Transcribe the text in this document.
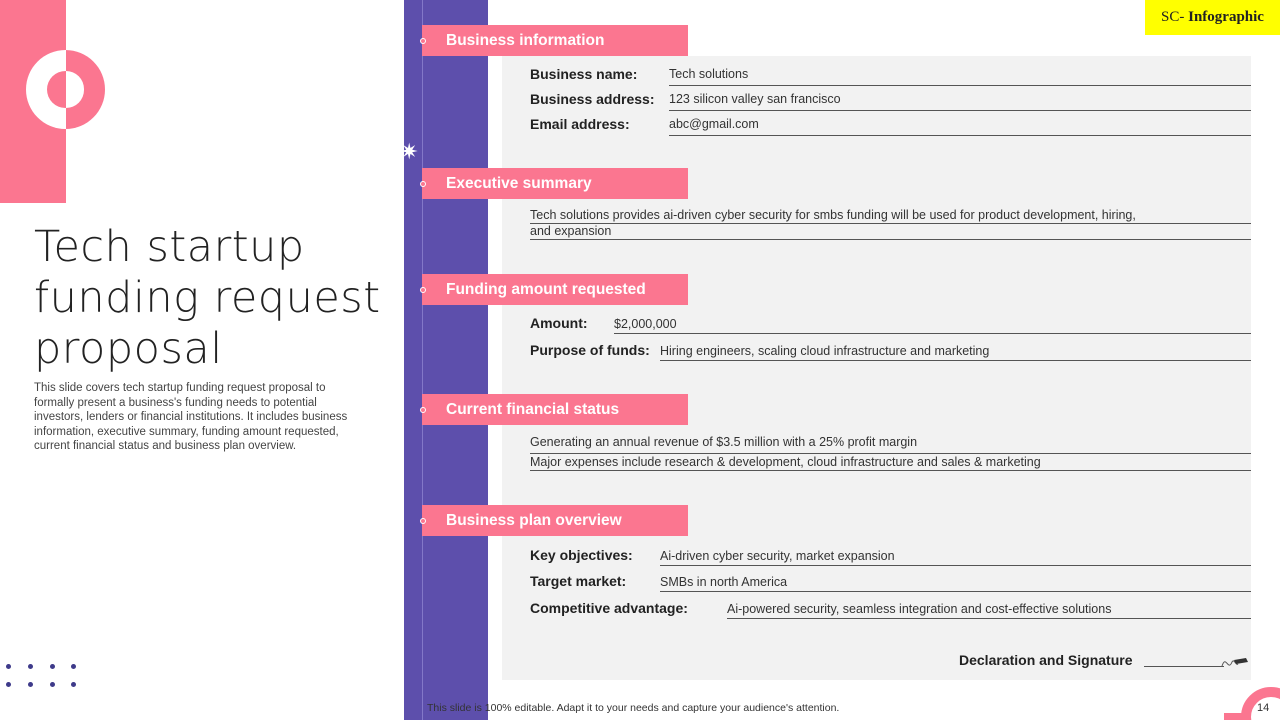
Tech startup funding request proposal

This slide covers tech startup funding request proposal to formally present a business's funding needs to potential investors, lenders or financial institutions. It includes business information, executive summary, funding amount requested, current financial status and business plan overview.

✷
SC- Infographic
Business information
Business name:	Tech solutions
Business address: 123 silicon valley san francisco
Email address:	abc@gmail.com
Executive summary
Tech solutions provides ai-driven cyber security for smbs funding will be used for product development, hiring,
and expansion
Funding amount requested
Amount: $2,000,000
Purpose of funds: Hiring engineers, scaling cloud infrastructure and marketing
Current financial status
Generating an annual revenue of $3.5 million with a 25% profit margin
Major expenses include research & development, cloud infrastructure and sales & marketing
Business plan overview
Key objectives: Ai-driven cyber security, market expansion
Target market:	SMBs in north America
Competitive advantage:	Ai-powered security, seamless integration and cost-effective solutions
Declaration and Signature
This slide is 100% editable. Adapt it to your needs and capture your audience's attention.	14
